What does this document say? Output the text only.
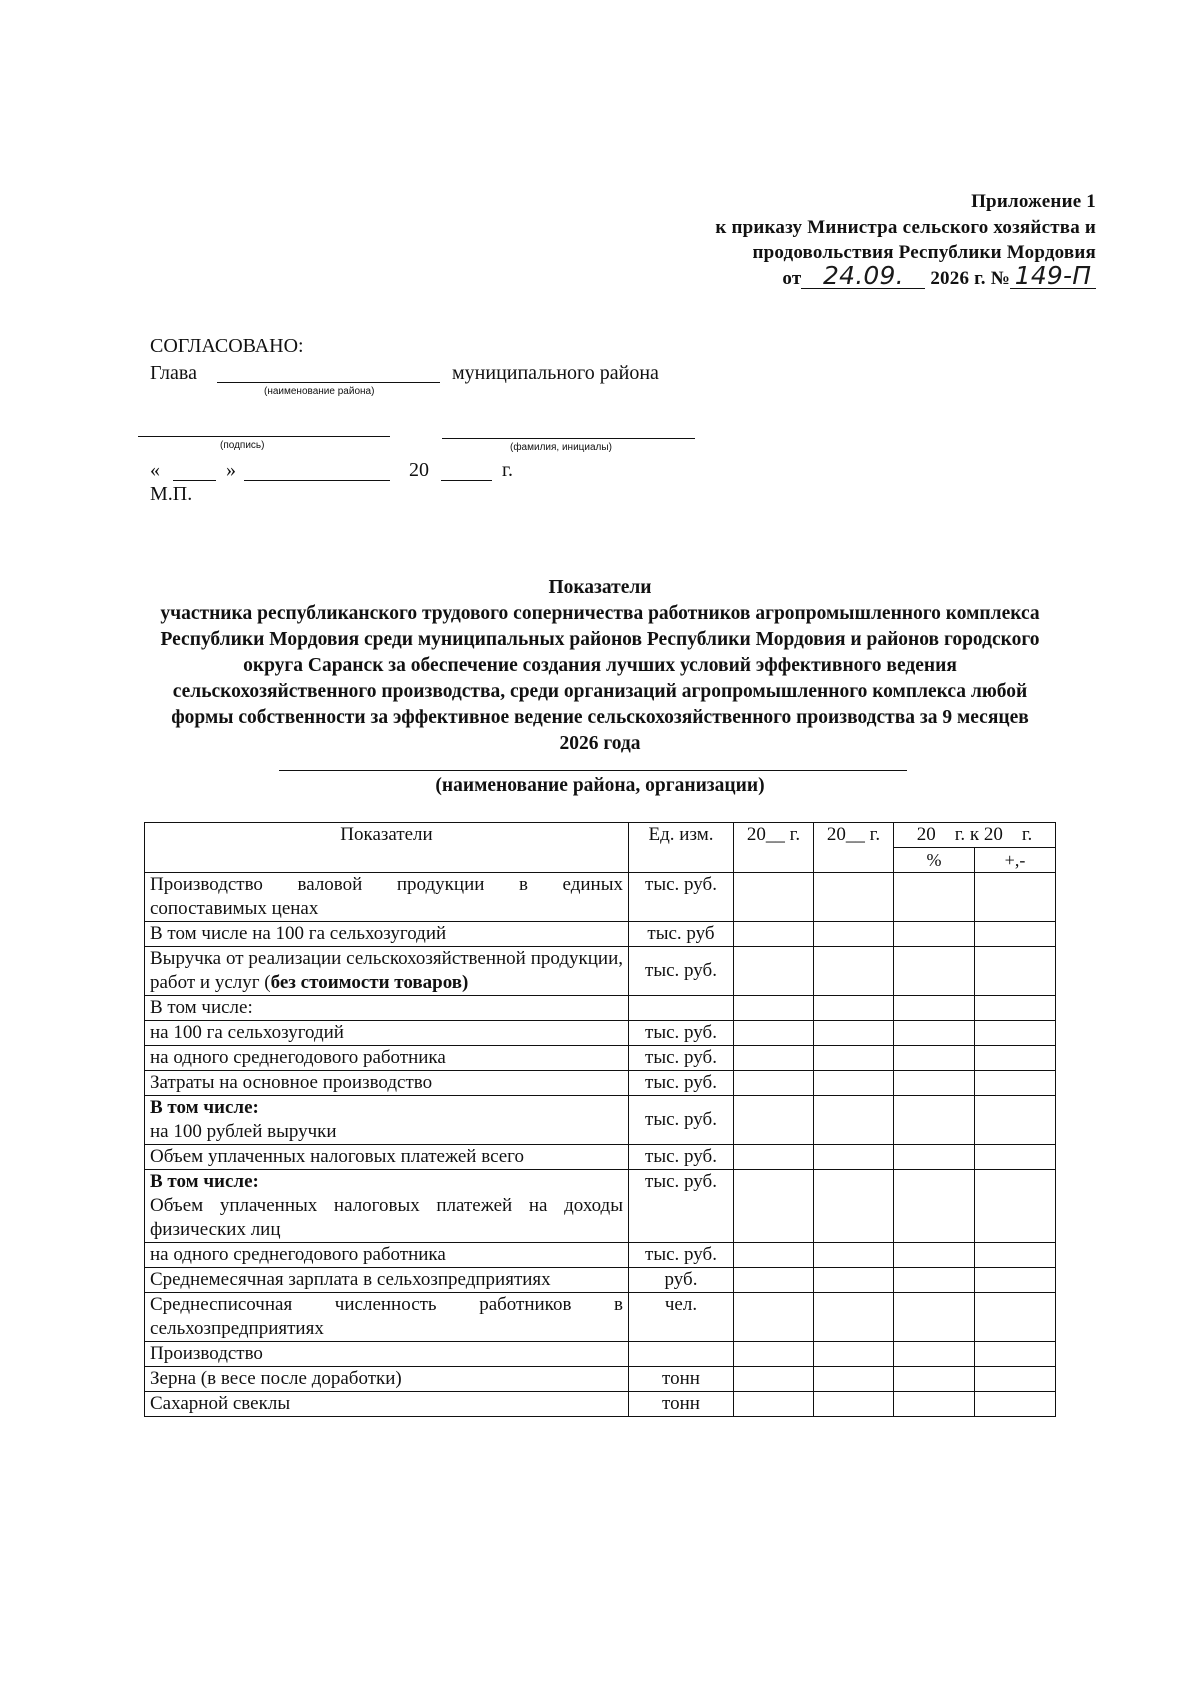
Приложение 1
к приказу Министра сельского хозяйства и
продовольствия Республики Мордовия
от 24.09. 2026 г. № 149-П
СОГЛАСОВАНО:
Глава	муниципального района
(наименование района)
(подпись)	(фамилия, инициалы)
«	»	20	г.
М.П.

Показатели

участника республиканского трудового соперничества работников агропромышленного комплекса Республики Мордовия среди муниципальных районов Республики Мордовия и районов городского округа Саранск за обеспечение создания лучших условий эффективного ведения сельскохозяйственного производства, среди организаций агропромышленного комплекса любой формы собственности за эффективное ведение сельскохозяйственного производства за 9 месяцев 2026 года

(наименование района, организации)
Показатели	Ед. изм.	20__ г.	20__ г.	20    г. к 20    г.	
				%	+,-
Производство валовой продукции в единых сопоставимых ценах	тыс. руб.				
В том числе на 100 га сельхозугодий	тыс. руб				
Выручка от реализации сельскохозяйственной продукции, работ и услуг (без стоимости товаров)	тыс. руб.				
В том числе:					
на 100 га сельхозугодий	тыс. руб.				
на одного среднегодового работника	тыс. руб.				
Затраты на основное производство	тыс. руб.				

В том числе:
на 100 рублей выручки	тыс. руб.				
Объем уплаченных налоговых платежей всего	тыс. руб.				

В том числе:
Объем уплаченных налоговых платежей на доходы физических лиц	тыс. руб.				
на одного среднегодового работника	тыс. руб.				
Среднемесячная зарплата в сельхозпредприятиях	руб.				
Среднесписочная численность работников в сельхозпредприятиях	чел.				
Производство					
Зерна (в весе после доработки)	тонн				
Сахарной свеклы	тонн				
